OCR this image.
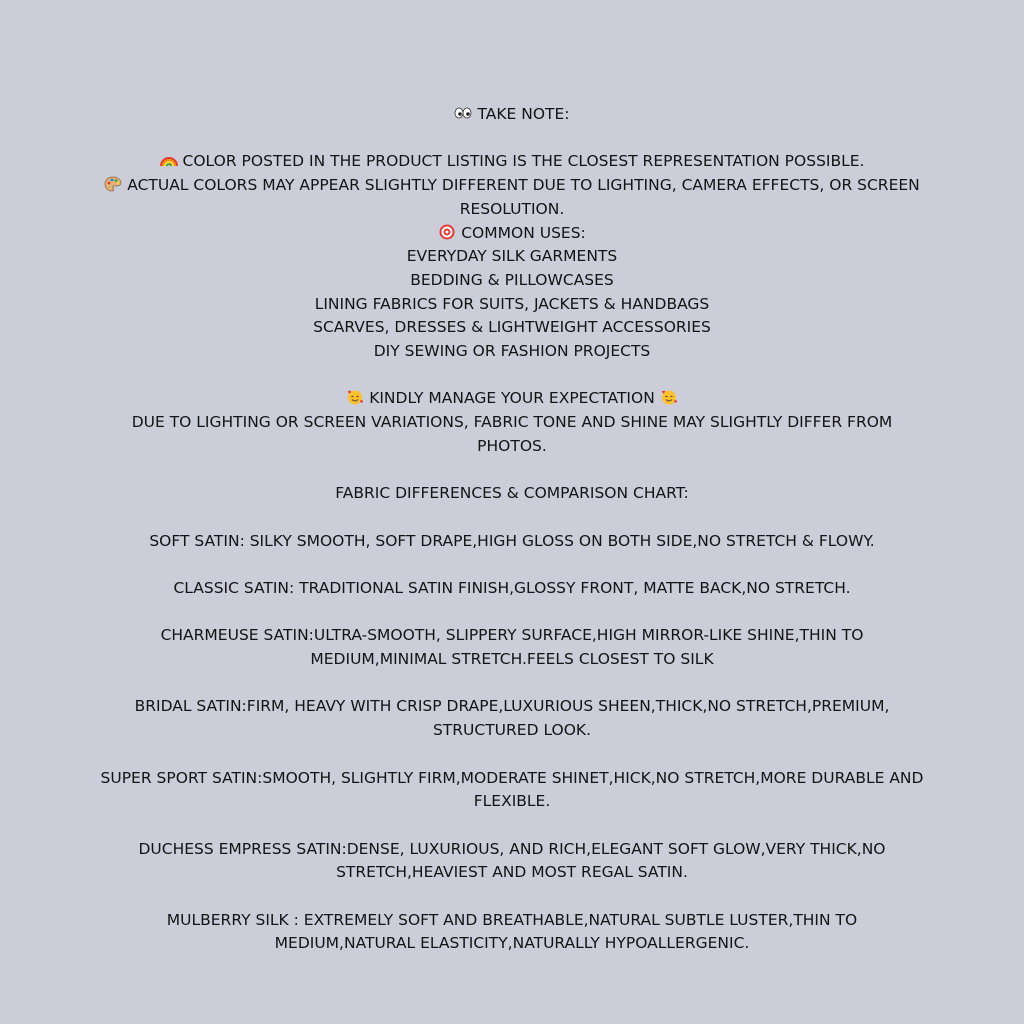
TAKE NOTE:
COLOR POSTED IN THE PRODUCT LISTING IS THE CLOSEST REPRESENTATION POSSIBLE.
ACTUAL COLORS MAY APPEAR SLIGHTLY DIFFERENT DUE TO LIGHTING, CAMERA EFFECTS, OR SCREEN RESOLUTION.
COMMON USES:
EVERYDAY SILK GARMENTS
BEDDING & PILLOWCASES
LINING FABRICS FOR SUITS, JACKETS & HANDBAGS
SCARVES, DRESSES & LIGHTWEIGHT ACCESSORIES
DIY SEWING OR FASHION PROJECTS
KINDLY MANAGE YOUR EXPECTATION
DUE TO LIGHTING OR SCREEN VARIATIONS, FABRIC TONE AND SHINE MAY SLIGHTLY DIFFER FROM PHOTOS.
FABRIC DIFFERENCES & COMPARISON CHART:
SOFT SATIN: SILKY SMOOTH, SOFT DRAPE,HIGH GLOSS ON BOTH SIDE,NO STRETCH & FLOWY.
CLASSIC SATIN: TRADITIONAL SATIN FINISH,GLOSSY FRONT, MATTE BACK,NO STRETCH.
CHARMEUSE SATIN:ULTRA-SMOOTH, SLIPPERY SURFACE,HIGH MIRROR-LIKE SHINE,THIN TO MEDIUM,MINIMAL STRETCH.FEELS CLOSEST TO SILK
BRIDAL SATIN:FIRM, HEAVY WITH CRISP DRAPE,LUXURIOUS SHEEN,THICK,NO STRETCH,PREMIUM, STRUCTURED LOOK.
SUPER SPORT SATIN:SMOOTH, SLIGHTLY FIRM,MODERATE SHINET,HICK,NO STRETCH,MORE DURABLE AND FLEXIBLE.
DUCHESS EMPRESS SATIN:DENSE, LUXURIOUS, AND RICH,ELEGANT SOFT GLOW,VERY THICK,NO STRETCH,HEAVIEST AND MOST REGAL SATIN.
MULBERRY SILK : EXTREMELY SOFT AND BREATHABLE,NATURAL SUBTLE LUSTER,THIN TO MEDIUM,NATURAL ELASTICITY,NATURALLY HYPOALLERGENIC.
